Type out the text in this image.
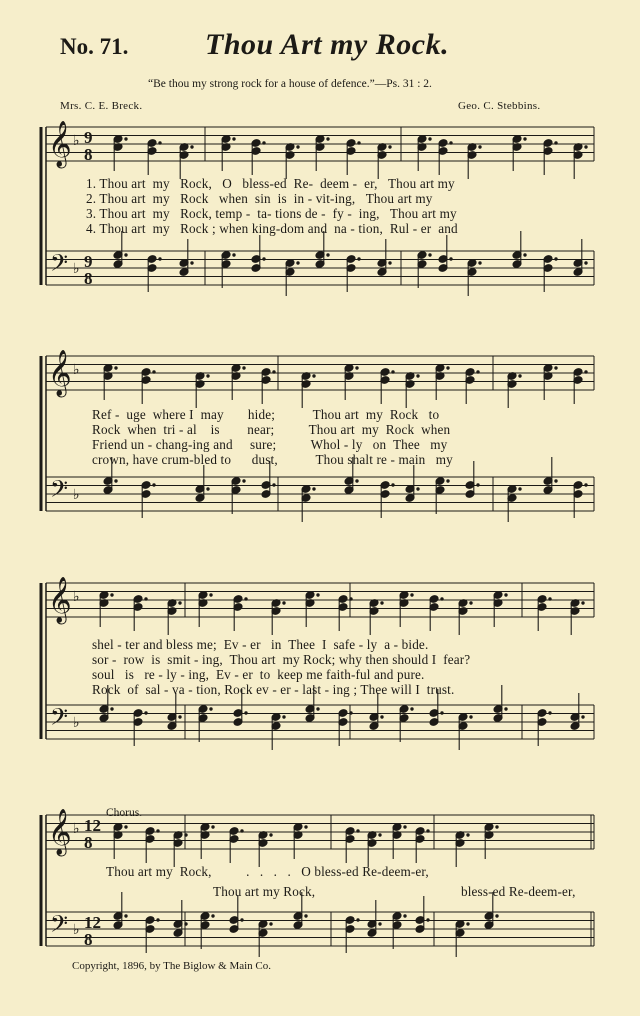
No. 71.	Thou Art my Rock.
“Be thou my strong rock for a house of defence.”—Ps. 31 : 2.
Mrs. C. E. Breck.	Geo. C. Stebbins.
𝄞
𝄢
♭
♭
9
8
9
8
𝄞
𝄢
♭
♭
𝄞
𝄢
♭
♭
𝄞
𝄢
♭
♭
12
8
12
8
1. Thou art my Rock, O bless-ed Re- deem - er, Thou art my
2. Thou art my Rock when sin is in - vit-ing, Thou art my
3. Thou art my Rock, temp - ta- tions de - fy - ing, Thou art my
4. Thou art my Rock ; when king-dom and na - tion, Rul - er and
Ref -  uge  where I  may       hide;           Thou art  my  Rock   to
Rock  when  tri - al    is        near;          Thou art  my  Rock  when
Friend un - chang-ing and     sure;          Whol - ly   on  Thee   my
crown, have crum-bled to      dust,           Thou shalt re - main   my
shel - ter and bless me;  Ev - er   in  Thee  I  safe - ly  a - bide.
sor -  row  is  smit - ing,  Thou art  my Rock; why then should I  fear?
soul   is   re - ly - ing,  Ev - er  to  keep me faith-ful and pure.
Rock  of  sal - va - tion, Rock ev - er - last - ing ; Thee will I  trust.
Chorus.
Thou art my  Rock,          .   .   .   .   O bless-ed Re-deem-er,
Thou art my Rock,	bless-ed Re-deem-er,
Copyright, 1896, by The Biglow & Main Co.
